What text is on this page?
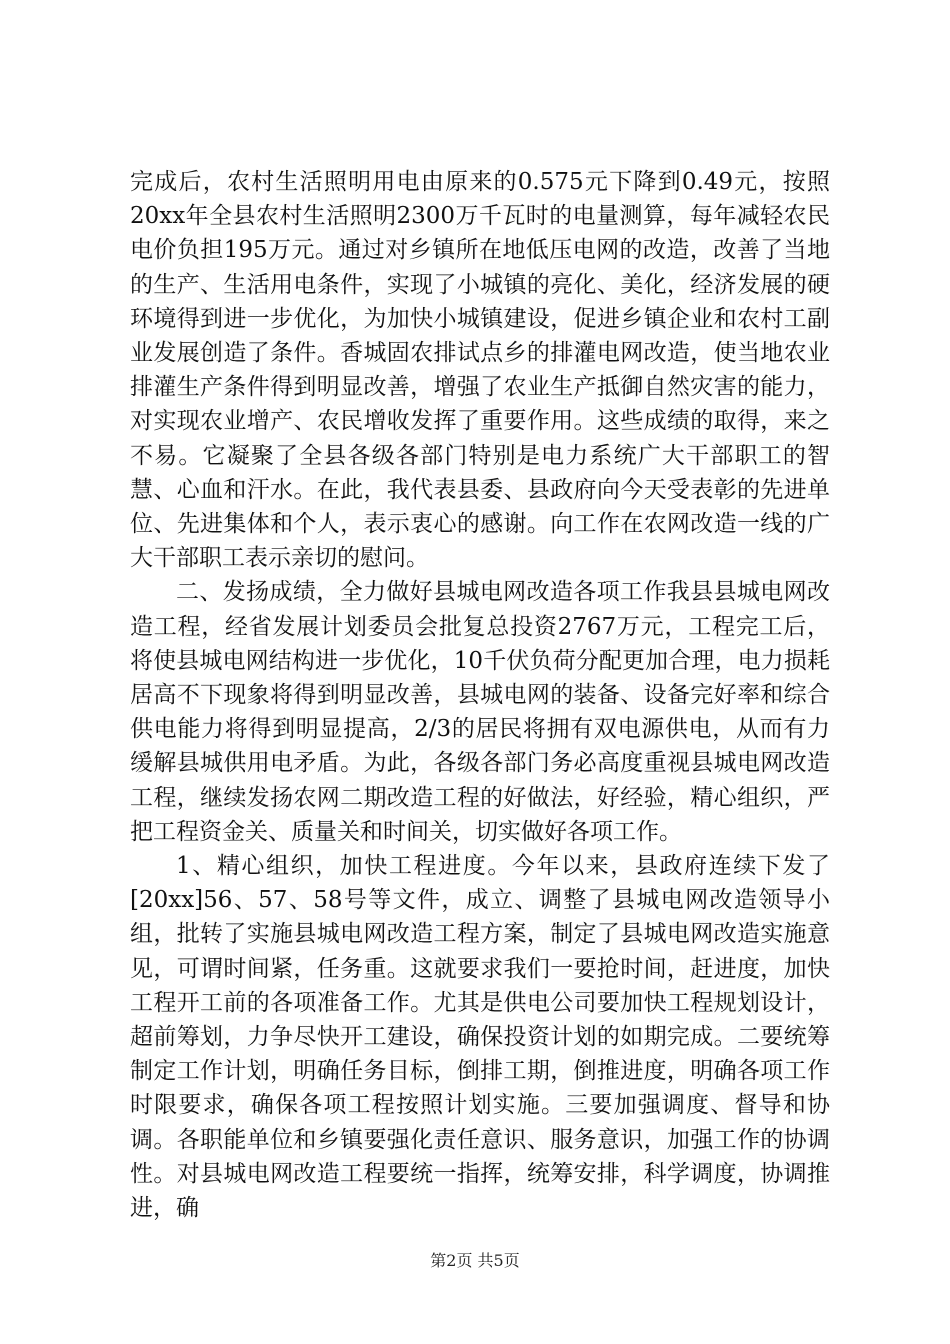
完成后，农村生活照明用电由原来的0.575元下降到0.49元，按照20xx年全县农村生活照明2300万千瓦时的电量测算，每年减轻农民电价负担195万元。通过对乡镇所在地低压电网的改造，改善了当地的生产、生活用电条件，实现了小城镇的亮化、美化，经济发展的硬环境得到进一步优化，为加快小城镇建设，促进乡镇企业和农村工副业发展创造了条件。香城固农排试点乡的排灌电网改造，使当地农业排灌生产条件得到明显改善，增强了农业生产抵御自然灾害的能力，对实现农业增产、农民增收发挥了重要作用。这些成绩的取得，来之不易。它凝聚了全县各级各部门特别是电力系统广大干部职工的智慧、心血和汗水。在此，我代表县委、县政府向今天受表彰的先进单位、先进集体和个人，表示衷心的感谢。向工作在农网改造一线的广大干部职工表示亲切的慰问。

二、发扬成绩，全力做好县城电网改造各项工作我县县城电网改造工程，经省发展计划委员会批复总投资2767万元，工程完工后，将使县城电网结构进一步优化，10千伏负荷分配更加合理，电力损耗居高不下现象将得到明显改善，县城电网的装备、设备完好率和综合供电能力将得到明显提高，2/3的居民将拥有双电源供电，从而有力缓解县城供用电矛盾。为此，各级各部门务必高度重视县城电网改造工程，继续发扬农网二期改造工程的好做法，好经验，精心组织，严把工程资金关、质量关和时间关，切实做好各项工作。

1、精心组织，加快工程进度。今年以来，县政府连续下发了[20xx]56、57、58号等文件，成立、调整了县城电网改造领导小组，批转了实施县城电网改造工程方案，制定了县城电网改造实施意见，可谓时间紧，任务重。这就要求我们一要抢时间，赶进度，加快工程开工前的各项准备工作。尤其是供电公司要加快工程规划设计，超前筹划，力争尽快开工建设，确保投资计划的如期完成。二要统筹制定工作计划，明确任务目标，倒排工期，倒推进度，明确各项工作时限要求，确保各项工程按照计划实施。三要加强调度、督导和协调。各职能单位和乡镇要强化责任意识、服务意识，加强工作的协调性。对县城电网改造工程要统一指挥，统筹安排，科学调度，协调推进，确

第2页 共5页
